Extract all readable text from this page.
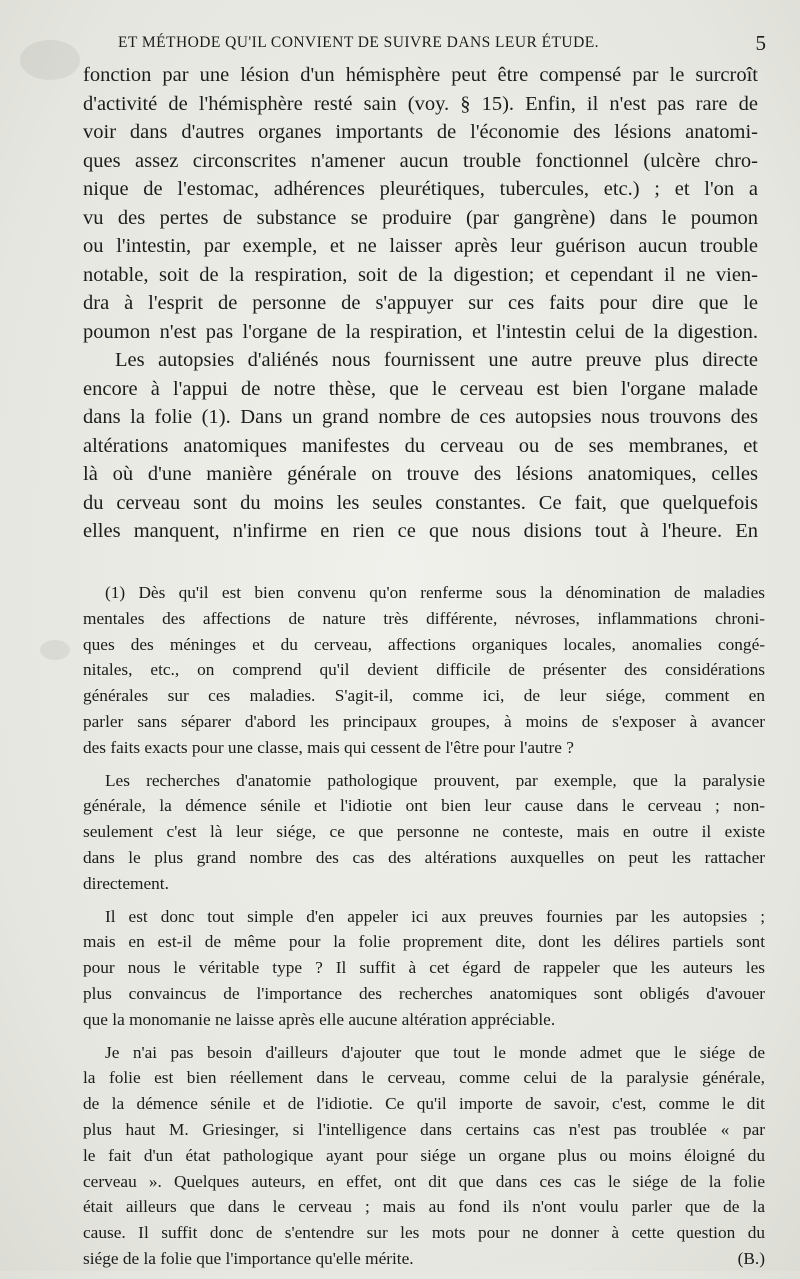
ET MÉTHODE QU'IL CONVIENT DE SUIVRE DANS LEUR ÉTUDE.	5
fonction par une lésion d'un hémisphère peut être compensé par le surcroît
d'activité de l'hémisphère resté sain (voy. § 15). Enfin, il n'est pas rare de
voir dans d'autres organes importants de l'économie des lésions anatomi-
ques assez circonscrites n'amener aucun trouble fonctionnel (ulcère chro-
nique de l'estomac, adhérences pleurétiques, tubercules, etc.) ; et l'on a
vu des pertes de substance se produire (par gangrène) dans le poumon
ou l'intestin, par exemple, et ne laisser après leur guérison aucun trouble
notable, soit de la respiration, soit de la digestion; et cependant il ne vien-
dra à l'esprit de personne de s'appuyer sur ces faits pour dire que le
poumon n'est pas l'organe de la respiration, et l'intestin celui de la digestion.
Les autopsies d'aliénés nous fournissent une autre preuve plus directe
encore à l'appui de notre thèse, que le cerveau est bien l'organe malade
dans la folie (1). Dans un grand nombre de ces autopsies nous trouvons des
altérations anatomiques manifestes du cerveau ou de ses membranes, et
là où d'une manière générale on trouve des lésions anatomiques, celles
du cerveau sont du moins les seules constantes. Ce fait, que quelquefois
elles manquent, n'infirme en rien ce que nous disions tout à l'heure. En
(1) Dès qu'il est bien convenu qu'on renferme sous la dénomination de maladies
mentales des affections de nature très différente, névroses, inflammations chroni-
ques des méninges et du cerveau, affections organiques locales, anomalies congé-
nitales, etc., on comprend qu'il devient difficile de présenter des considérations
générales sur ces maladies. S'agit-il, comme ici, de leur siége, comment en
parler sans séparer d'abord les principaux groupes, à moins de s'exposer à avancer
des faits exacts pour une classe, mais qui cessent de l'être pour l'autre ?
Les recherches d'anatomie pathologique prouvent, par exemple, que la paralysie
générale, la démence sénile et l'idiotie ont bien leur cause dans le cerveau ; non-
seulement c'est là leur siége, ce que personne ne conteste, mais en outre il existe
dans le plus grand nombre des cas des altérations auxquelles on peut les rattacher
directement.
Il est donc tout simple d'en appeler ici aux preuves fournies par les autopsies ;
mais en est-il de même pour la folie proprement dite, dont les délires partiels sont
pour nous le véritable type ? Il suffit à cet égard de rappeler que les auteurs les
plus convaincus de l'importance des recherches anatomiques sont obligés d'avouer
que la monomanie ne laisse après elle aucune altération appréciable.
Je n'ai pas besoin d'ailleurs d'ajouter que tout le monde admet que le siége de
la folie est bien réellement dans le cerveau, comme celui de la paralysie générale,
de la démence sénile et de l'idiotie. Ce qu'il importe de savoir, c'est, comme le dit
plus haut M. Griesinger, si l'intelligence dans certains cas n'est pas troublée « par
le fait d'un état pathologique ayant pour siége un organe plus ou moins éloigné du
cerveau ». Quelques auteurs, en effet, ont dit que dans ces cas le siége de la folie
était ailleurs que dans le cerveau ; mais au fond ils n'ont voulu parler que de la
cause. Il suffit donc de s'entendre sur les mots pour ne donner à cette question du
siége de la folie que l'importance qu'elle mérite.	(B.)
